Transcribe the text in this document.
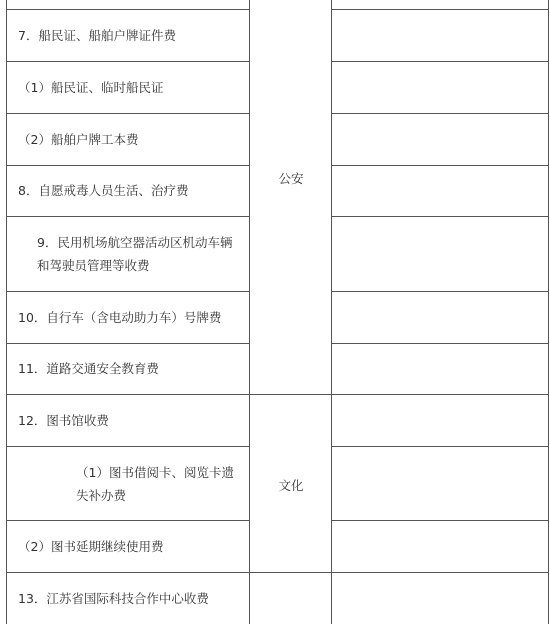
7．船民证、船舶户牌证件费
（1）船民证、临时船民证
（2）船舶户牌工本费
8．自愿戒毒人员生活、治疗费
9．民用机场航空器活动区机动车辆和驾驶员管理等收费
10．自行车（含电动助力车）号牌费
11．道路交通安全教育费
12．图书馆收费
（1）图书借阅卡、阅览卡遗失补办费
（2）图书延期继续使用费
13．江苏省国际科技合作中心收费
公安
文化
